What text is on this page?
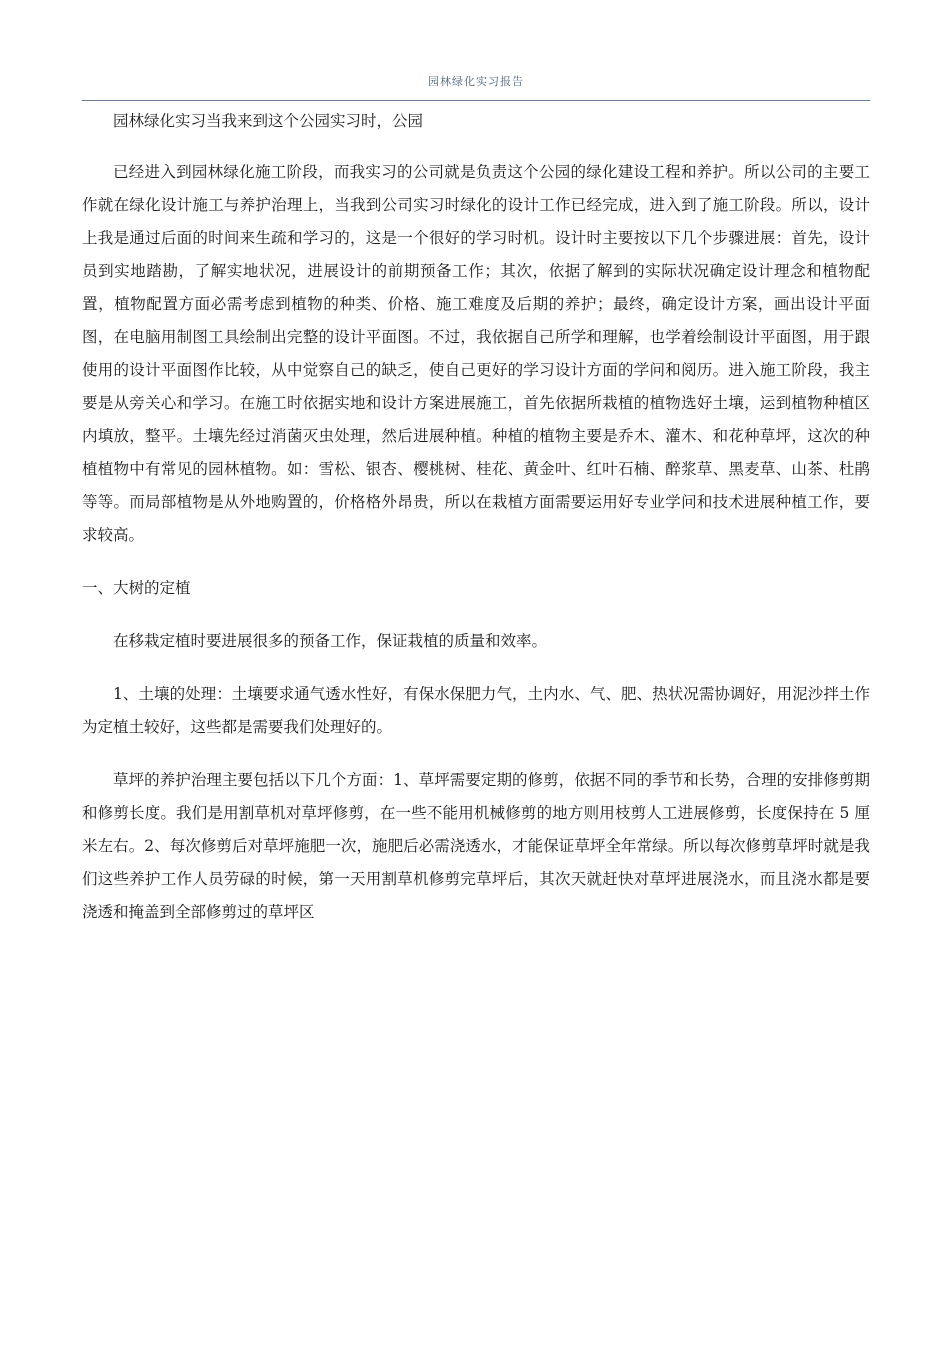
园林绿化实习报告

园林绿化实习当我来到这个公园实习时，公园

已经进入到园林绿化施工阶段，而我实习的公司就是负责这个公园的绿化建设工程和养护。所以公司的主要工作就在绿化设计施工与养护治理上，当我到公司实习时绿化的设计工作已经完成，进入到了施工阶段。所以，设计上我是通过后面的时间来生疏和学习的，这是一个很好的学习时机。设计时主要按以下几个步骤进展：首先，设计员到实地踏勘，了解实地状况，进展设计的前期预备工作；其次，依据了解到的实际状况确定设计理念和植物配置，植物配置方面必需考虑到植物的种类、价格、施工难度及后期的养护；最终，确定设计方案，画出设计平面图，在电脑用制图工具绘制出完整的设计平面图。不过，我依据自己所学和理解，也学着绘制设计平面图，用于跟使用的设计平面图作比较，从中觉察自己的缺乏，使自己更好的学习设计方面的学问和阅历。进入施工阶段，我主要是从旁关心和学习。在施工时依据实地和设计方案进展施工，首先依据所栽植的植物选好土壤，运到植物种植区内填放，整平。土壤先经过消菌灭虫处理，然后进展种植。种植的植物主要是乔木、灌木、和花种草坪，这次的种植植物中有常见的园林植物。如：雪松、银杏、樱桃树、桂花、黄金叶、红叶石楠、醉浆草、黑麦草、山茶、杜鹃等等。而局部植物是从外地购置的，价格格外昂贵，所以在栽植方面需要运用好专业学问和技术进展种植工作，要求较高。

一、大树的定植

在移栽定植时要进展很多的预备工作，保证栽植的质量和效率。

1、土壤的处理：土壤要求通气透水性好，有保水保肥力气，土内水、气、肥、热状况需协调好，用泥沙拌土作为定植土较好，这些都是需要我们处理好的。

草坪的养护治理主要包括以下几个方面：1、草坪需要定期的修剪，依据不同的季节和长势，合理的安排修剪期和修剪长度。我们是用割草机对草坪修剪，在一些不能用机械修剪的地方则用枝剪人工进展修剪，长度保持在 5 厘米左右。2、每次修剪后对草坪施肥一次，施肥后必需浇透水，才能保证草坪全年常绿。所以每次修剪草坪时就是我们这些养护工作人员劳碌的时候，第一天用割草机修剪完草坪后，其次天就赶快对草坪进展浇水，而且浇水都是要浇透和掩盖到全部修剪过的草坪区
